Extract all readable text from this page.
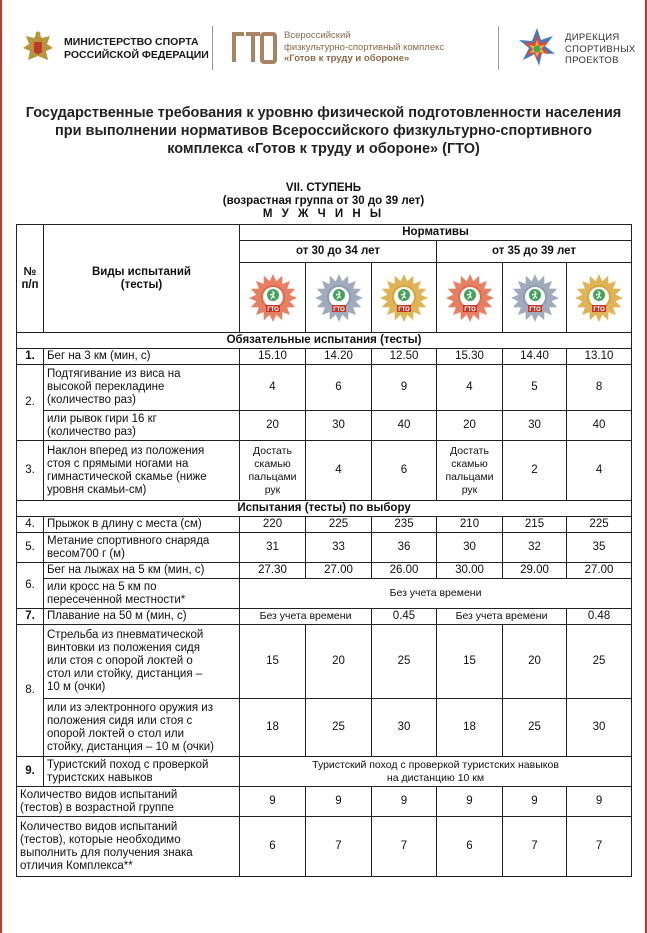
МИНИСТЕРСТВО СПОРТА
РОССИЙСКОЙ ФЕДЕРАЦИИ
Всероссийский
физкультурно-спортивный комплекс
«Готов к труду и обороне»
ДИРЕКЦИЯ
СПОРТИВНЫХ
ПРОЕКТОВ
Государственные требования к уровню физической подготовленности населения
при выполнении нормативов Всероссийского физкультурно-спортивного
комплекса «Готов к труду и обороне» (ГТО)
VII. СТУПЕНЬ
(возрастная группа от 30 до 39 лет)
М У Ж Ч И Н Ы
№
п/п	Виды испытаний
(тесты)	Нормативы					
		от 30 до 34 лет			от 35 до 39 лет		

ГТО	ГТО	ГТО	ГТО	ГТО	ГТО

Обязательные испытания (тесты)							
1.	Бег на 3 км (мин, с)	15.10	14.20	12.50	15.30	14.40	13.10
2.	Подтягивание из виса на
высокой перекладине
(количество раз)	4	6	9	4	5	8
	или рывок гири 16 кг
(количество раз)	20	30	40	20	30	40
3.	Наклон вперед из положения
стоя с прямыми ногами на
гимнастической скамье (ниже
уровня скамьи-см)	Достать
скамью
пальцами
рук	4	6	Достать
скамью
пальцами
рук	2	4
Испытания (тесты) по выбору							
4.	Прыжок в длину с места (см)	220	225	235	210	215	225
5.	Метание спортивного снаряда
весом700 г (м)	31	33	36	30	32	35
6.	Бег на лыжах на 5 км (мин, с)	27.30	27.00	26.00	30.00	29.00	27.00
	или кросс на 5 км по
пересеченной местности*	Без учета времени					
7.	Плавание на 50 м (мин, с)	Без учета времени		0.45	Без учета времени		0.48
8.	Стрельба из пневматической
винтовки из положения сидя
или стоя с опорой локтей о
стол или стойку, дистанция –
10 м (очки)	15	20	25	15	20	25
	или из электронного оружия из
положения сидя или стоя с
опорой локтей о стол или
стойку, дистанция – 10 м (очки)	18	25	30	18	25	30
9.	Туристский поход с проверкой
туристских навыков	Туристский поход с проверкой туристских навыков
на дистанцию 10 км					
Количество видов испытаний
(тестов) в возрастной группе		9	9	9	9	9	9
Количество видов испытаний
(тестов), которые необходимо
выполнить для получения знака
отличия Комплекса**		6	7	7	6	7	7
